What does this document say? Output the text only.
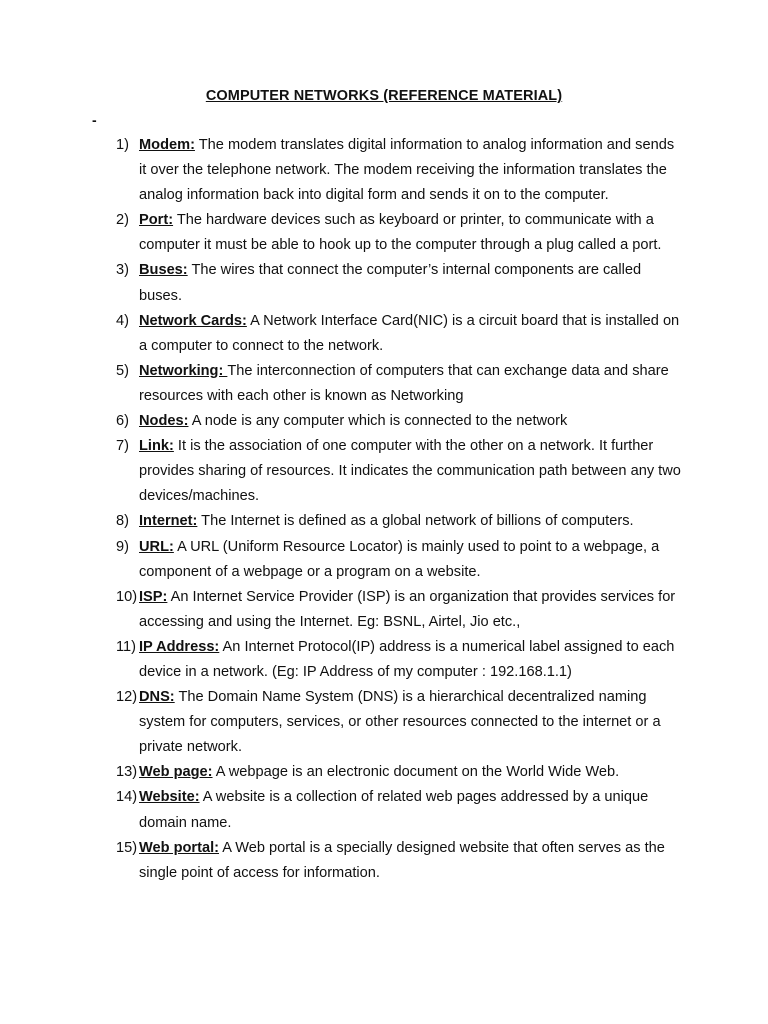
COMPUTER NETWORKS (REFERENCE MATERIAL)
-
1) Modem: The modem translates digital information to analog information and sends it over the telephone network. The modem receiving the information translates the analog information back into digital form and sends it on to the computer.
2) Port: The hardware devices such as keyboard or printer, to communicate with a computer it must be able to hook up to the computer through a plug called a port.
3) Buses: The wires that connect the computer’s internal components are called buses.
4) Network Cards: A Network Interface Card(NIC) is a circuit board that is installed on a computer to connect to the network.
5) Networking: The interconnection of computers that can exchange data and share resources with each other is known as Networking
6) Nodes: A node is any computer which is connected to the network
7) Link: It is the association of one computer with the other on a network. It further provides sharing of resources. It indicates the communication path between any two devices/machines.
8) Internet: The Internet is defined as a global network of billions of computers.
9) URL: A URL (Uniform Resource Locator) is mainly used to point to a webpage, a component of a webpage or a program on a website.
10) ISP: An Internet Service Provider (ISP) is an organization that provides services for accessing and using the Internet. Eg: BSNL, Airtel, Jio etc.,
11) IP Address: An Internet Protocol(IP) address is a numerical label assigned to each device in a network. (Eg: IP Address of my computer : 192.168.1.1)
12) DNS: The Domain Name System (DNS) is a hierarchical decentralized naming system for computers, services, or other resources connected to the internet or a private network.
13) Web page: A webpage is an electronic document on the World Wide Web.
14) Website: A website is a collection of related web pages addressed by a unique domain name.
15) Web portal: A Web portal is a specially designed website that often serves as the single point of access for information.
